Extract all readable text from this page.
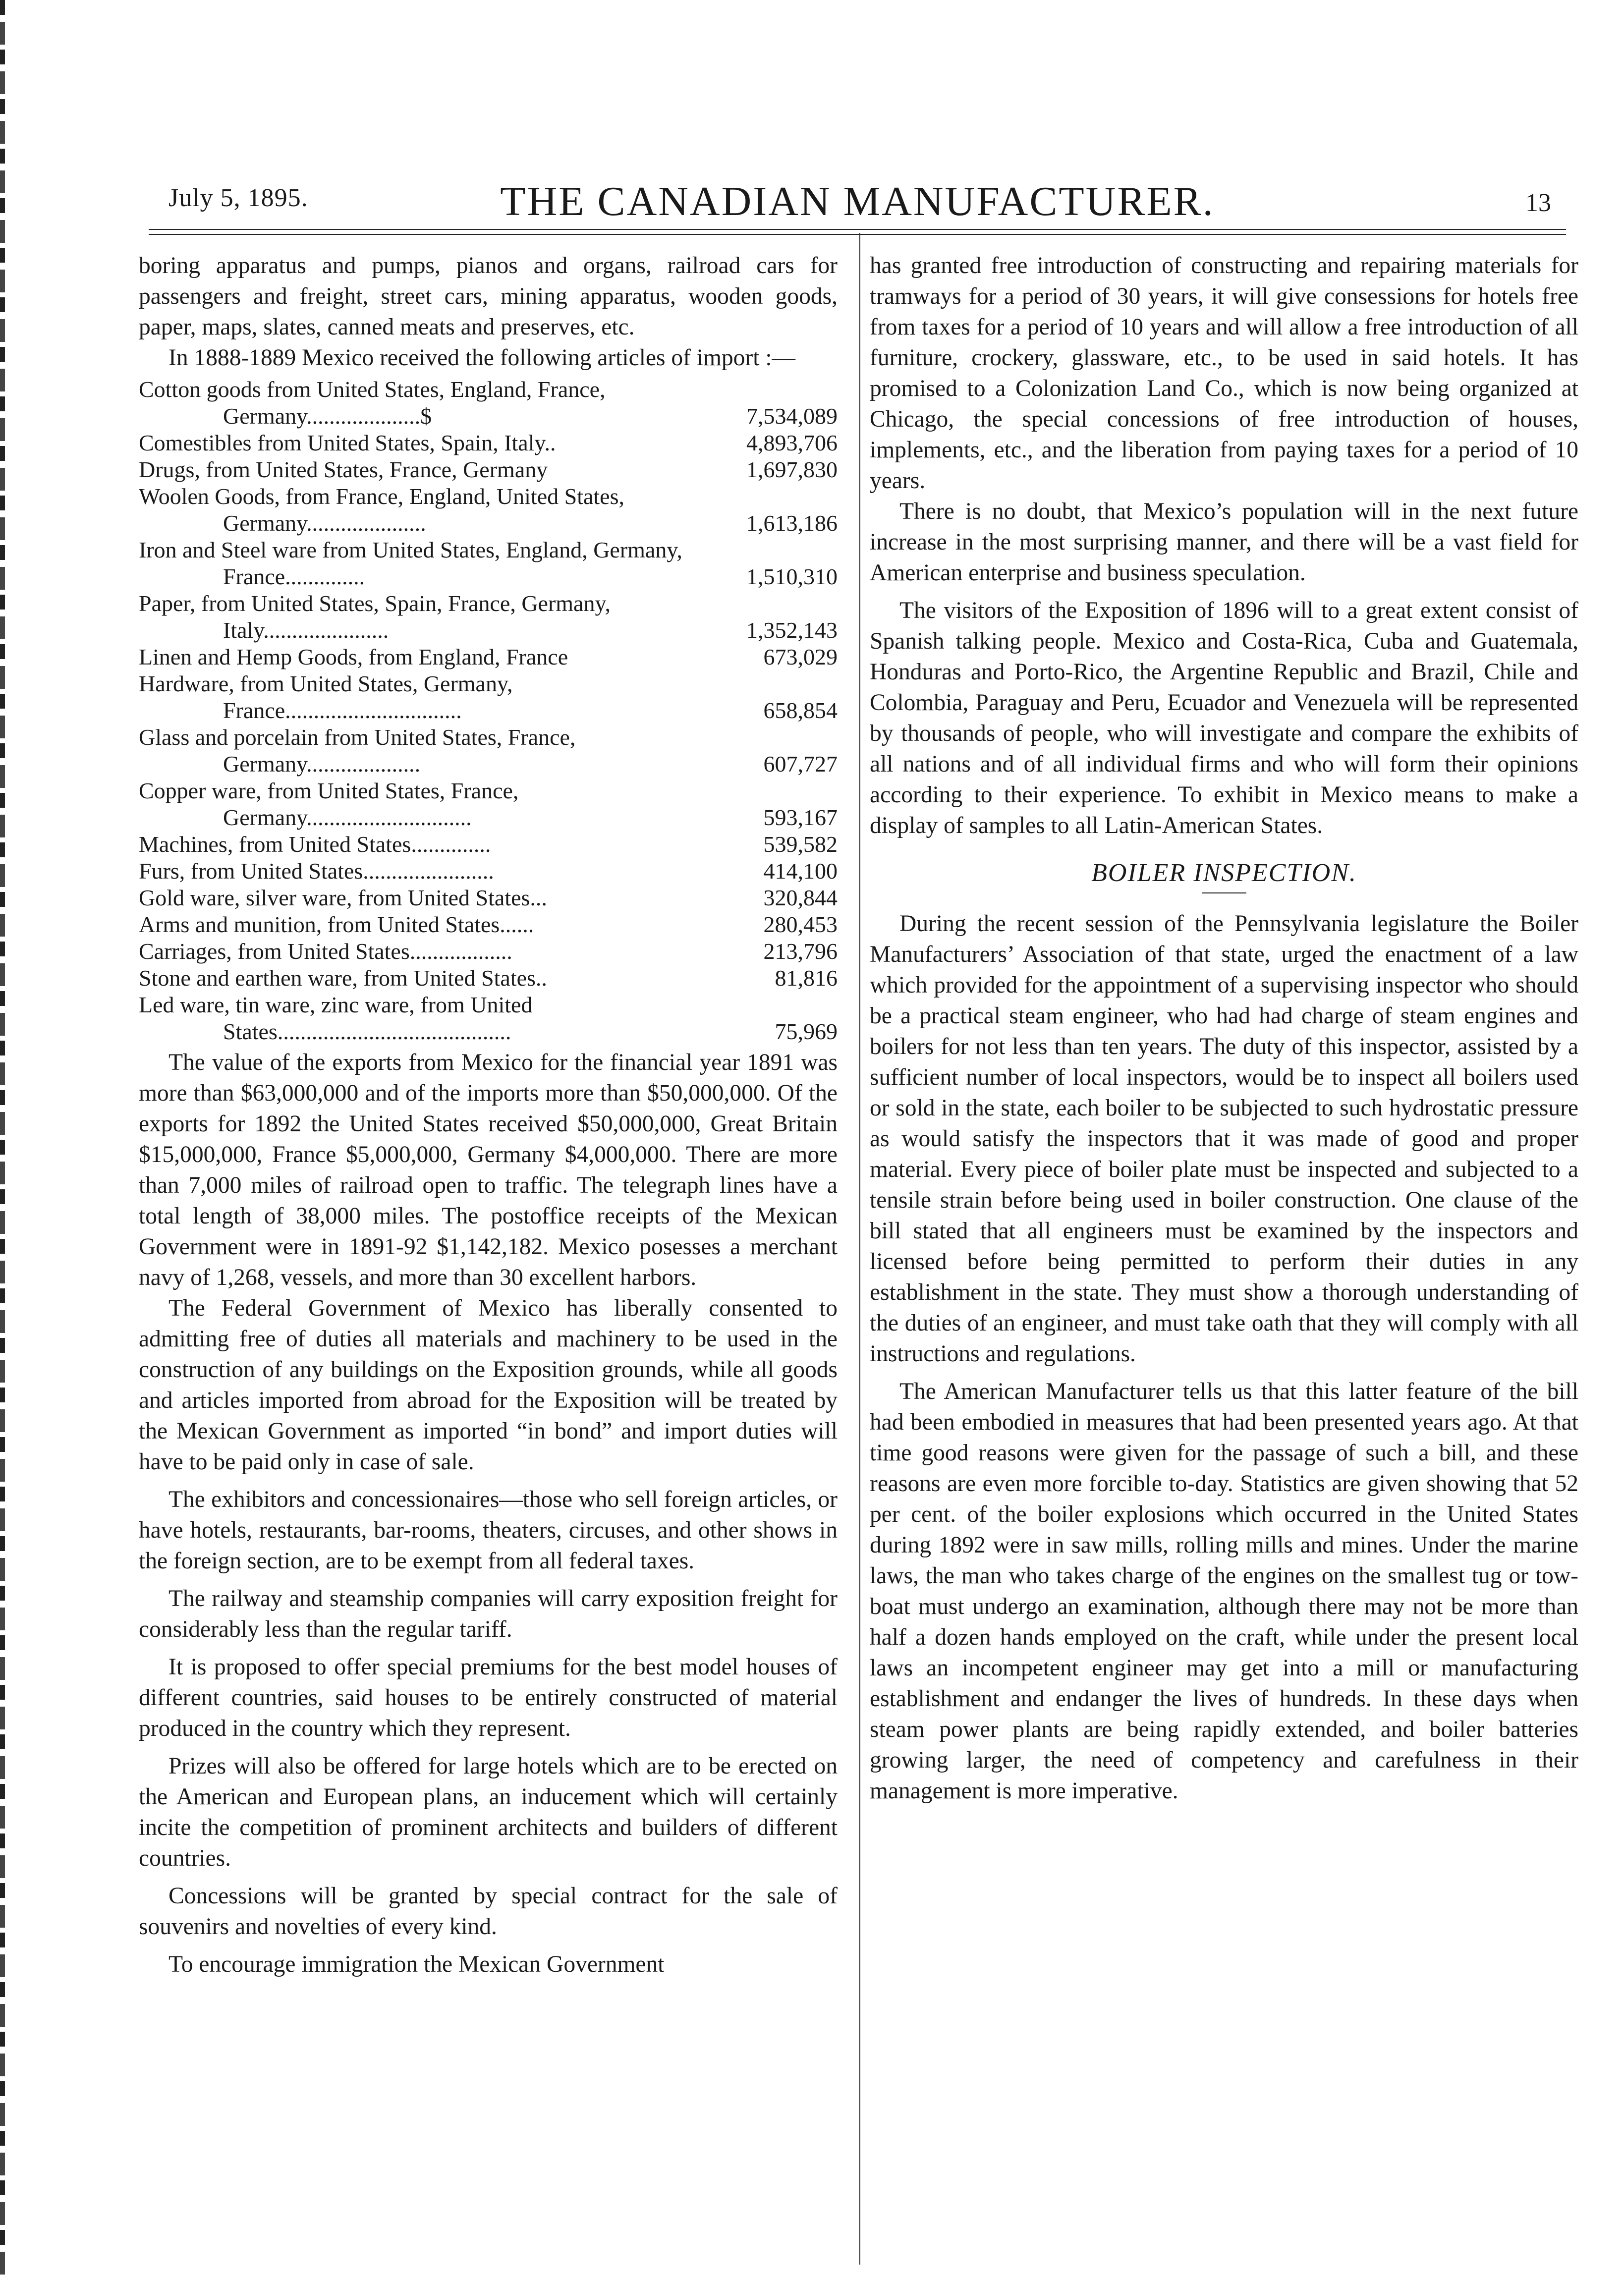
July 5, 1895.	THE CANADIAN MANUFACTURER.	13

boring apparatus and pumps, pianos and organs, railroad cars for passengers and freight, street cars, mining apparatus, wooden goods, paper, maps, slates, canned meats and preserves, etc.

In 1888-1889 Mexico received the following articles of import :—

Cotton goods from United States, England, France, Germany....................$	7,534,089

Comestibles from United States, Spain, Italy..	4,893,706

Drugs, from United States, France, Germany	1,697,830

Woolen Goods, from France, England, United States, Germany.....................	1,613,186

Iron and Steel ware from United States, England, Germany, France..............	1,510,310

Paper, from United States, Spain, France, Germany, Italy......................	1,352,143

Linen and Hemp Goods, from England, France	673,029

Hardware, from United States, Germany, France...............................	658,854

Glass and porcelain from United States, France, Germany....................	607,727

Copper ware, from United States, France, Germany.............................	593,167

Machines, from United States..............	539,582

Furs, from United States.......................	414,100

Gold ware, silver ware, from United States...	320,844

Arms and munition, from United States......	280,453

Carriages, from United States..................	213,796

Stone and earthen ware, from United States..	81,816

Led ware, tin ware, zinc ware, from United States.........................................	75,969

The value of the exports from Mexico for the financial year 1891 was more than $63,000,000 and of the imports more than $50,000,000. Of the exports for 1892 the United States received $50,000,000, Great Britain $15,000,000, France $5,000,000, Germany $4,000,000. There are more than 7,000 miles of railroad open to traffic. The telegraph lines have a total length of 38,000 miles. The postoffice receipts of the Mexican Government were in 1891-92 $1,142,182. Mexico posesses a merchant navy of 1,268, vessels, and more than 30 excellent harbors.

The Federal Government of Mexico has liberally consented to admitting free of duties all materials and machinery to be used in the construction of any buildings on the Exposition grounds, while all goods and articles imported from abroad for the Exposition will be treated by the Mexican Government as imported “in bond” and import duties will have to be paid only in case of sale.

The exhibitors and concessionaires—those who sell foreign articles, or have hotels, restaurants, bar-rooms, theaters, circuses, and other shows in the foreign section, are to be exempt from all federal taxes.

The railway and steamship companies will carry exposition freight for considerably less than the regular tariff.

It is proposed to offer special premiums for the best model houses of different countries, said houses to be entirely constructed of material produced in the country which they represent.

Prizes will also be offered for large hotels which are to be erected on the American and European plans, an inducement which will certainly incite the competition of prominent architects and builders of different countries.

Concessions will be granted by special contract for the sale of souvenirs and novelties of every kind.

To encourage immigration the Mexican Government

has granted free introduction of constructing and repairing materials for tramways for a period of 30 years, it will give consessions for hotels free from taxes for a period of 10 years and will allow a free introduction of all furniture, crockery, glassware, etc., to be used in said hotels. It has promised to a Colonization Land Co., which is now being organized at Chicago, the special concessions of free introduction of houses, implements, etc., and the liberation from paying taxes for a period of 10 years.

There is no doubt, that Mexico’s population will in the next future increase in the most surprising manner, and there will be a vast field for American enterprise and business speculation.

The visitors of the Exposition of 1896 will to a great extent consist of Spanish talking people. Mexico and Costa-Rica, Cuba and Guatemala, Honduras and Porto-Rico, the Argentine Republic and Brazil, Chile and Colombia, Paraguay and Peru, Ecuador and Venezuela will be represented by thousands of people, who will investigate and compare the exhibits of all nations and of all individual firms and who will form their opinions according to their experience. To exhibit in Mexico means to make a display of samples to all Latin-American States.

BOILER INSPECTION.

During the recent session of the Pennsylvania legislature the Boiler Manufacturers’ Association of that state, urged the enactment of a law which provided for the appointment of a supervising inspector who should be a practical steam engineer, who had had charge of steam engines and boilers for not less than ten years. The duty of this inspector, assisted by a sufficient number of local inspectors, would be to inspect all boilers used or sold in the state, each boiler to be subjected to such hydrostatic pressure as would satisfy the inspectors that it was made of good and proper material. Every piece of boiler plate must be inspected and subjected to a tensile strain before being used in boiler construction. One clause of the bill stated that all engineers must be examined by the inspectors and licensed before being permitted to perform their duties in any establishment in the state. They must show a thorough understanding of the duties of an engineer, and must take oath that they will comply with all instructions and regulations.

The American Manufacturer tells us that this latter feature of the bill had been embodied in measures that had been presented years ago. At that time good reasons were given for the passage of such a bill, and these reasons are even more forcible to-day. Statistics are given showing that 52 per cent. of the boiler explosions which occurred in the United States during 1892 were in saw mills, rolling mills and mines. Under the marine laws, the man who takes charge of the engines on the smallest tug or tow-boat must undergo an examination, although there may not be more than half a dozen hands employed on the craft, while under the present local laws an incompetent engineer may get into a mill or manufacturing establishment and endanger the lives of hundreds. In these days when steam power plants are being rapidly extended, and boiler batteries growing larger, the need of competency and carefulness in their management is more imperative.
